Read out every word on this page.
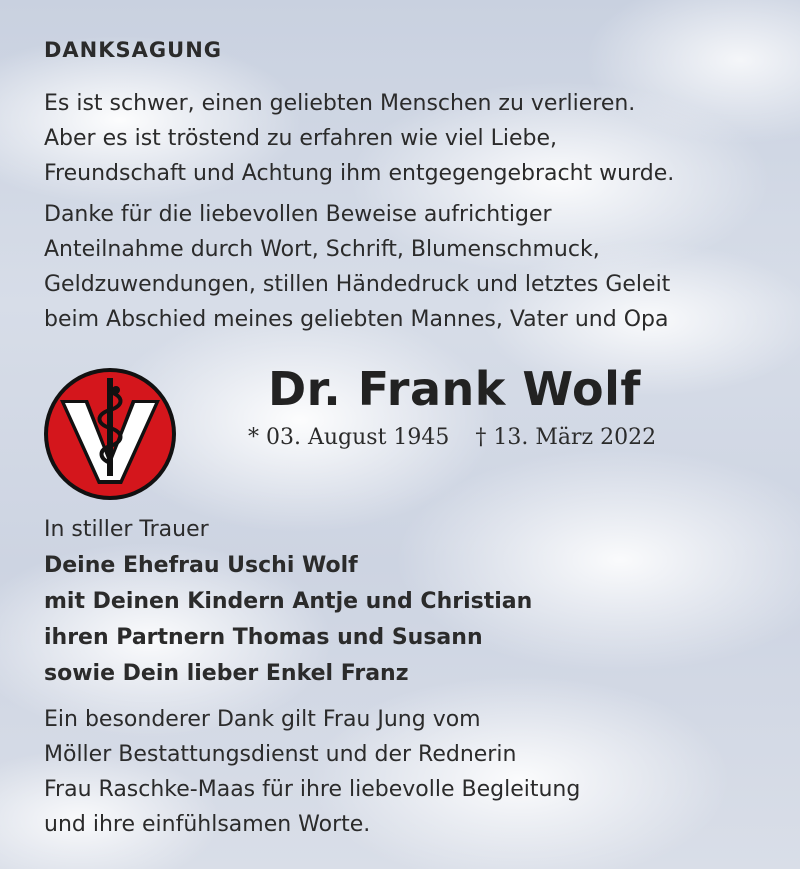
DANKSAGUNG

Es ist schwer, einen geliebten Menschen zu verlieren.
Aber es ist tröstend zu erfahren wie viel Liebe,
Freundschaft und Achtung ihm entgegengebracht wurde.

Danke für die liebevollen Beweise aufrichtiger
Anteilnahme durch Wort, Schrift, Blumenschmuck,
Geldzuwendungen, stillen Händedruck und letztes Geleit
beim Abschied meines geliebten Mannes, Vater und Opa

Dr. Frank Wolf
* 03. August 1945 † 13. März 2022

In stiller Trauer

Deine Ehefrau Uschi Wolf
mit Deinen Kindern Antje und Christian
ihren Partnern Thomas und Susann
sowie Dein lieber Enkel Franz

Ein besonderer Dank gilt Frau Jung vom
Möller Bestattungsdienst und der Rednerin
Frau Raschke-Maas für ihre liebevolle Begleitung
und ihre einfühlsamen Worte.
